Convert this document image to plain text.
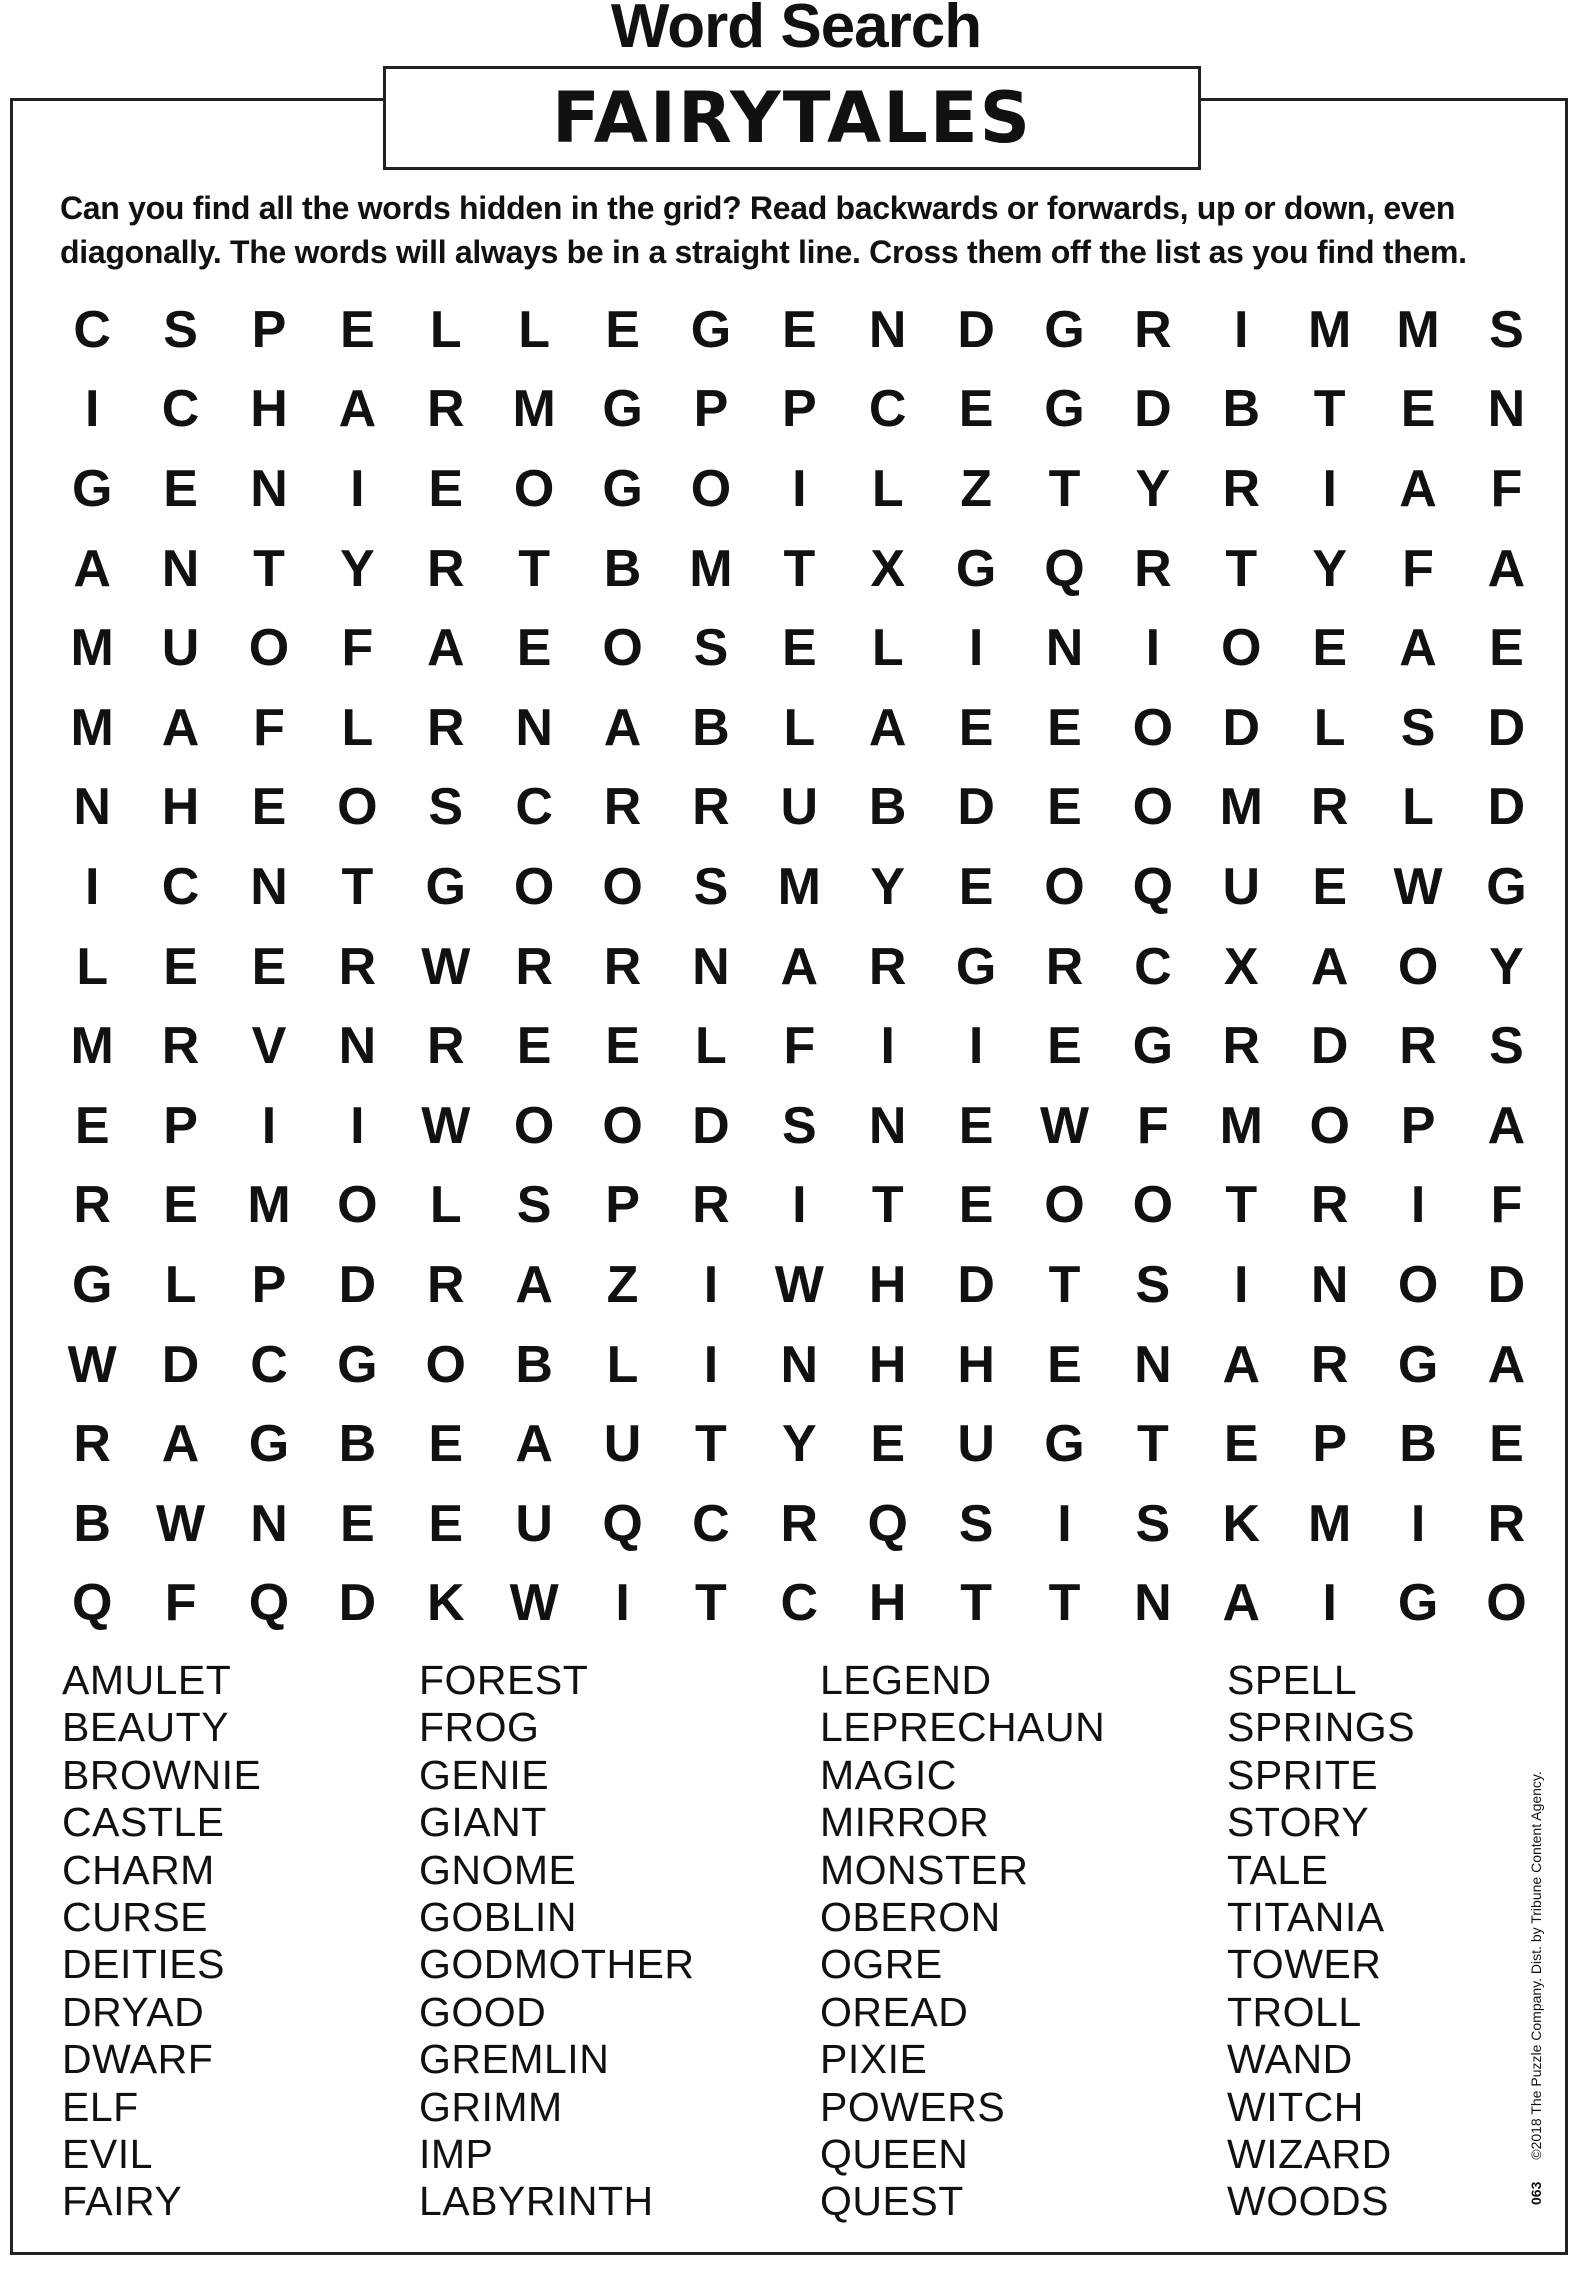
Word Search
FAIRYTALES
Can you find all the words hidden in the grid? Read backwards or forwards, up or down, even diagonally. The words will always be in a straight line. Cross them off the list as you find them.
C	S	P	E	L	L	E G E	N D G R	I	M M S
I	C H A R M G P	P	C	E G D B	T	E	N
G E	N	I	E O G O	I	L	Z	T	Y	R	I	A	F
A N	T	Y	R	T	B M T	X G Q R	T	Y	F	A
M U O	F	A	E O S	E	L	I	N	I	O E	A	E
M A	F	L	R N A B	L	A	E	E O D	L	S	D
N H	E O S	C R R U B D	E O M R	L	D
I	C N	T	G O O S M Y	E O Q U	E W G
L	E	E	R W R R N A R G R C	X	A O Y
M R	V	N R	E	E	L	F	I	I	E G R D R	S
E	P	I	I	W O O D	S	N	E W F M O P	A
R	E M O	L	S	P	R	I	T	E O O	T	R	I	F
G	L	P	D R A	Z	I	W H D	T	S	I	N O D
W D C G O B	L	I	N H H	E	N A R G A
R A G B	E	A U	T	Y	E	U G	T	E	P	B	E
B W N	E	E	U Q C R Q S	I	S	K M	I	R
Q	F	Q D K W	I	T	C H	T	T	N A	I	G O
AMULET
BEAUTY
BROWNIE
CASTLE
CHARM
CURSE
DEITIES
DRYAD
DWARF
ELF
EVIL
FAIRY
FOREST
FROG
GENIE
GIANT
GNOME
GOBLIN
GODMOTHER
GOOD
GREMLIN
GRIMM
IMP
LABYRINTH
LEGEND
LEPRECHAUN
MAGIC
MIRROR
MONSTER
OBERON
OGRE
OREAD
PIXIE
POWERS
QUEEN
QUEST
SPELL
SPRINGS
SPRITE
STORY
TALE
TITANIA
TOWER
TROLL
WAND
WITCH
WIZARD
WOODS	063 ©2018 The Puzzle Company. Dist. by Tribune Content Agency.
